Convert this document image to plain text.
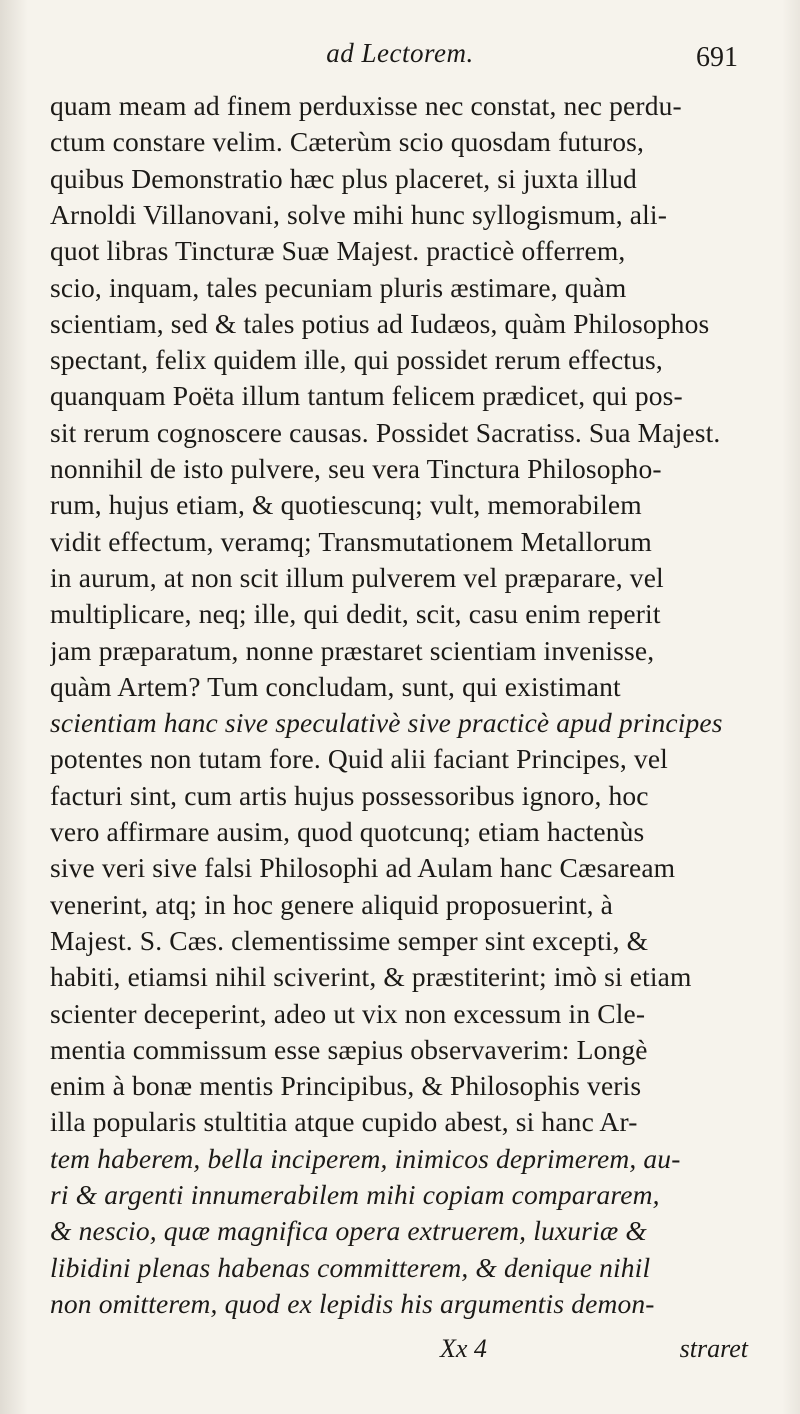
ad Lectorem.	691
quam meam ad finem perduxisse nec constat, nec perdu-
ctum constare velim. Cæterùm scio quosdam futuros,
quibus Demonstratio hæc plus placeret, si juxta illud
Arnoldi Villanovani, solve mihi hunc syllogismum, ali-
quot libras Tincturæ Suæ Majest. practicè offerrem,
scio, inquam, tales pecuniam pluris æstimare, quàm
scientiam, sed & tales potius ad Iudæos, quàm Philosophos
spectant, felix quidem ille, qui possidet rerum effectus,
quanquam Poëta illum tantum felicem prædicet, qui pos-
sit rerum cognoscere causas. Possidet Sacratiss. Sua Majest.
nonnihil de isto pulvere, seu vera Tinctura Philosopho-
rum, hujus etiam, & quotiescunq; vult, memorabilem
vidit effectum, veramq; Transmutationem Metallorum
in aurum, at non scit illum pulverem vel præparare, vel
multiplicare, neq; ille, qui dedit, scit, casu enim reperit
jam præparatum, nonne præstaret scientiam invenisse,
quàm Artem? Tum concludam, sunt, qui existimant
scientiam hanc sive speculativè sive practicè apud principes
potentes non tutam fore. Quid alii faciant Principes, vel
facturi sint, cum artis hujus possessoribus ignoro, hoc
vero affirmare ausim, quod quotcunq; etiam hactenùs
sive veri sive falsi Philosophi ad Aulam hanc Cæsaream
venerint, atq; in hoc genere aliquid proposuerint, à
Majest. S. Cæs. clementissime semper sint excepti, &
habiti, etiamsi nihil sciverint, & præstiterint; imò si etiam
scienter deceperint, adeo ut vix non excessum in Cle-
mentia commissum esse sæpius observaverim: Longè
enim à bonæ mentis Principibus, & Philosophis veris
illa popularis stultitia atque cupido abest, si hanc Ar-
tem haberem, bella inciperem, inimicos deprimerem, au-
ri & argenti innumerabilem mihi copiam compararem,
& nescio, quæ magnifica opera extruerem, luxuriæ &
libidini plenas habenas committerem, & denique nihil
non omitterem, quod ex lepidis his argumentis demon-
Xx 4	straret
